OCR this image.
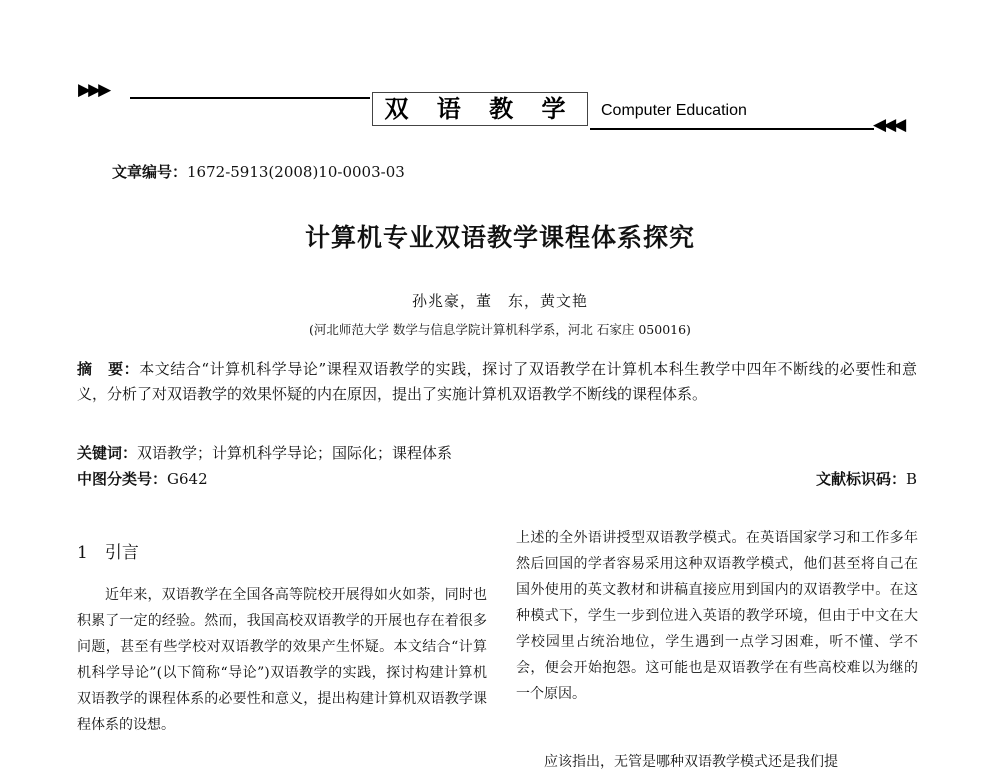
▶▶▶
双 语 教 学	Computer Education
◀◀◀
文章编号：1672-5913(2008)10-0003-03
计算机专业双语教学课程体系探究
孙兆豪，董　东，黄文艳
(河北师范大学 数学与信息学院计算机科学系，河北 石家庄 050016)
摘　要：本文结合“计算机科学导论”课程双语教学的实践，探讨了双语教学在计算机本科生教学中四年不断线的必要性和意义，分析了对双语教学的效果怀疑的内在原因，提出了实施计算机双语教学不断线的课程体系。
关键词：双语教学；计算机科学导论；国际化；课程体系
中图分类号：G642	文献标识码：B
1　引言

近年来，双语教学在全国各高等院校开展得如火如荼，同时也积累了一定的经验。然而，我国高校双语教学的开展也存在着很多问题，甚至有些学校对双语教学的效果产生怀疑。本文结合“计算机科学导论”(以下简称“导论”)双语教学的实践，探讨构建计算机双语教学的课程体系的必要性和意义，提出构建计算机双语教学课程体系的设想。

上述的全外语讲授型双语教学模式。在英语国家学习和工作多年然后回国的学者容易采用这种双语教学模式，他们甚至将自己在国外使用的英文教材和讲稿直接应用到国内的双语教学中。在这种模式下，学生一步到位进入英语的教学环境，但由于中文在大学校园里占统治地位，学生遇到一点学习困难，听不懂、学不会，便会开始抱怨。这可能也是双语教学在有些高校难以为继的一个原因。

应该指出，无管是哪种双语教学模式还是我们提
